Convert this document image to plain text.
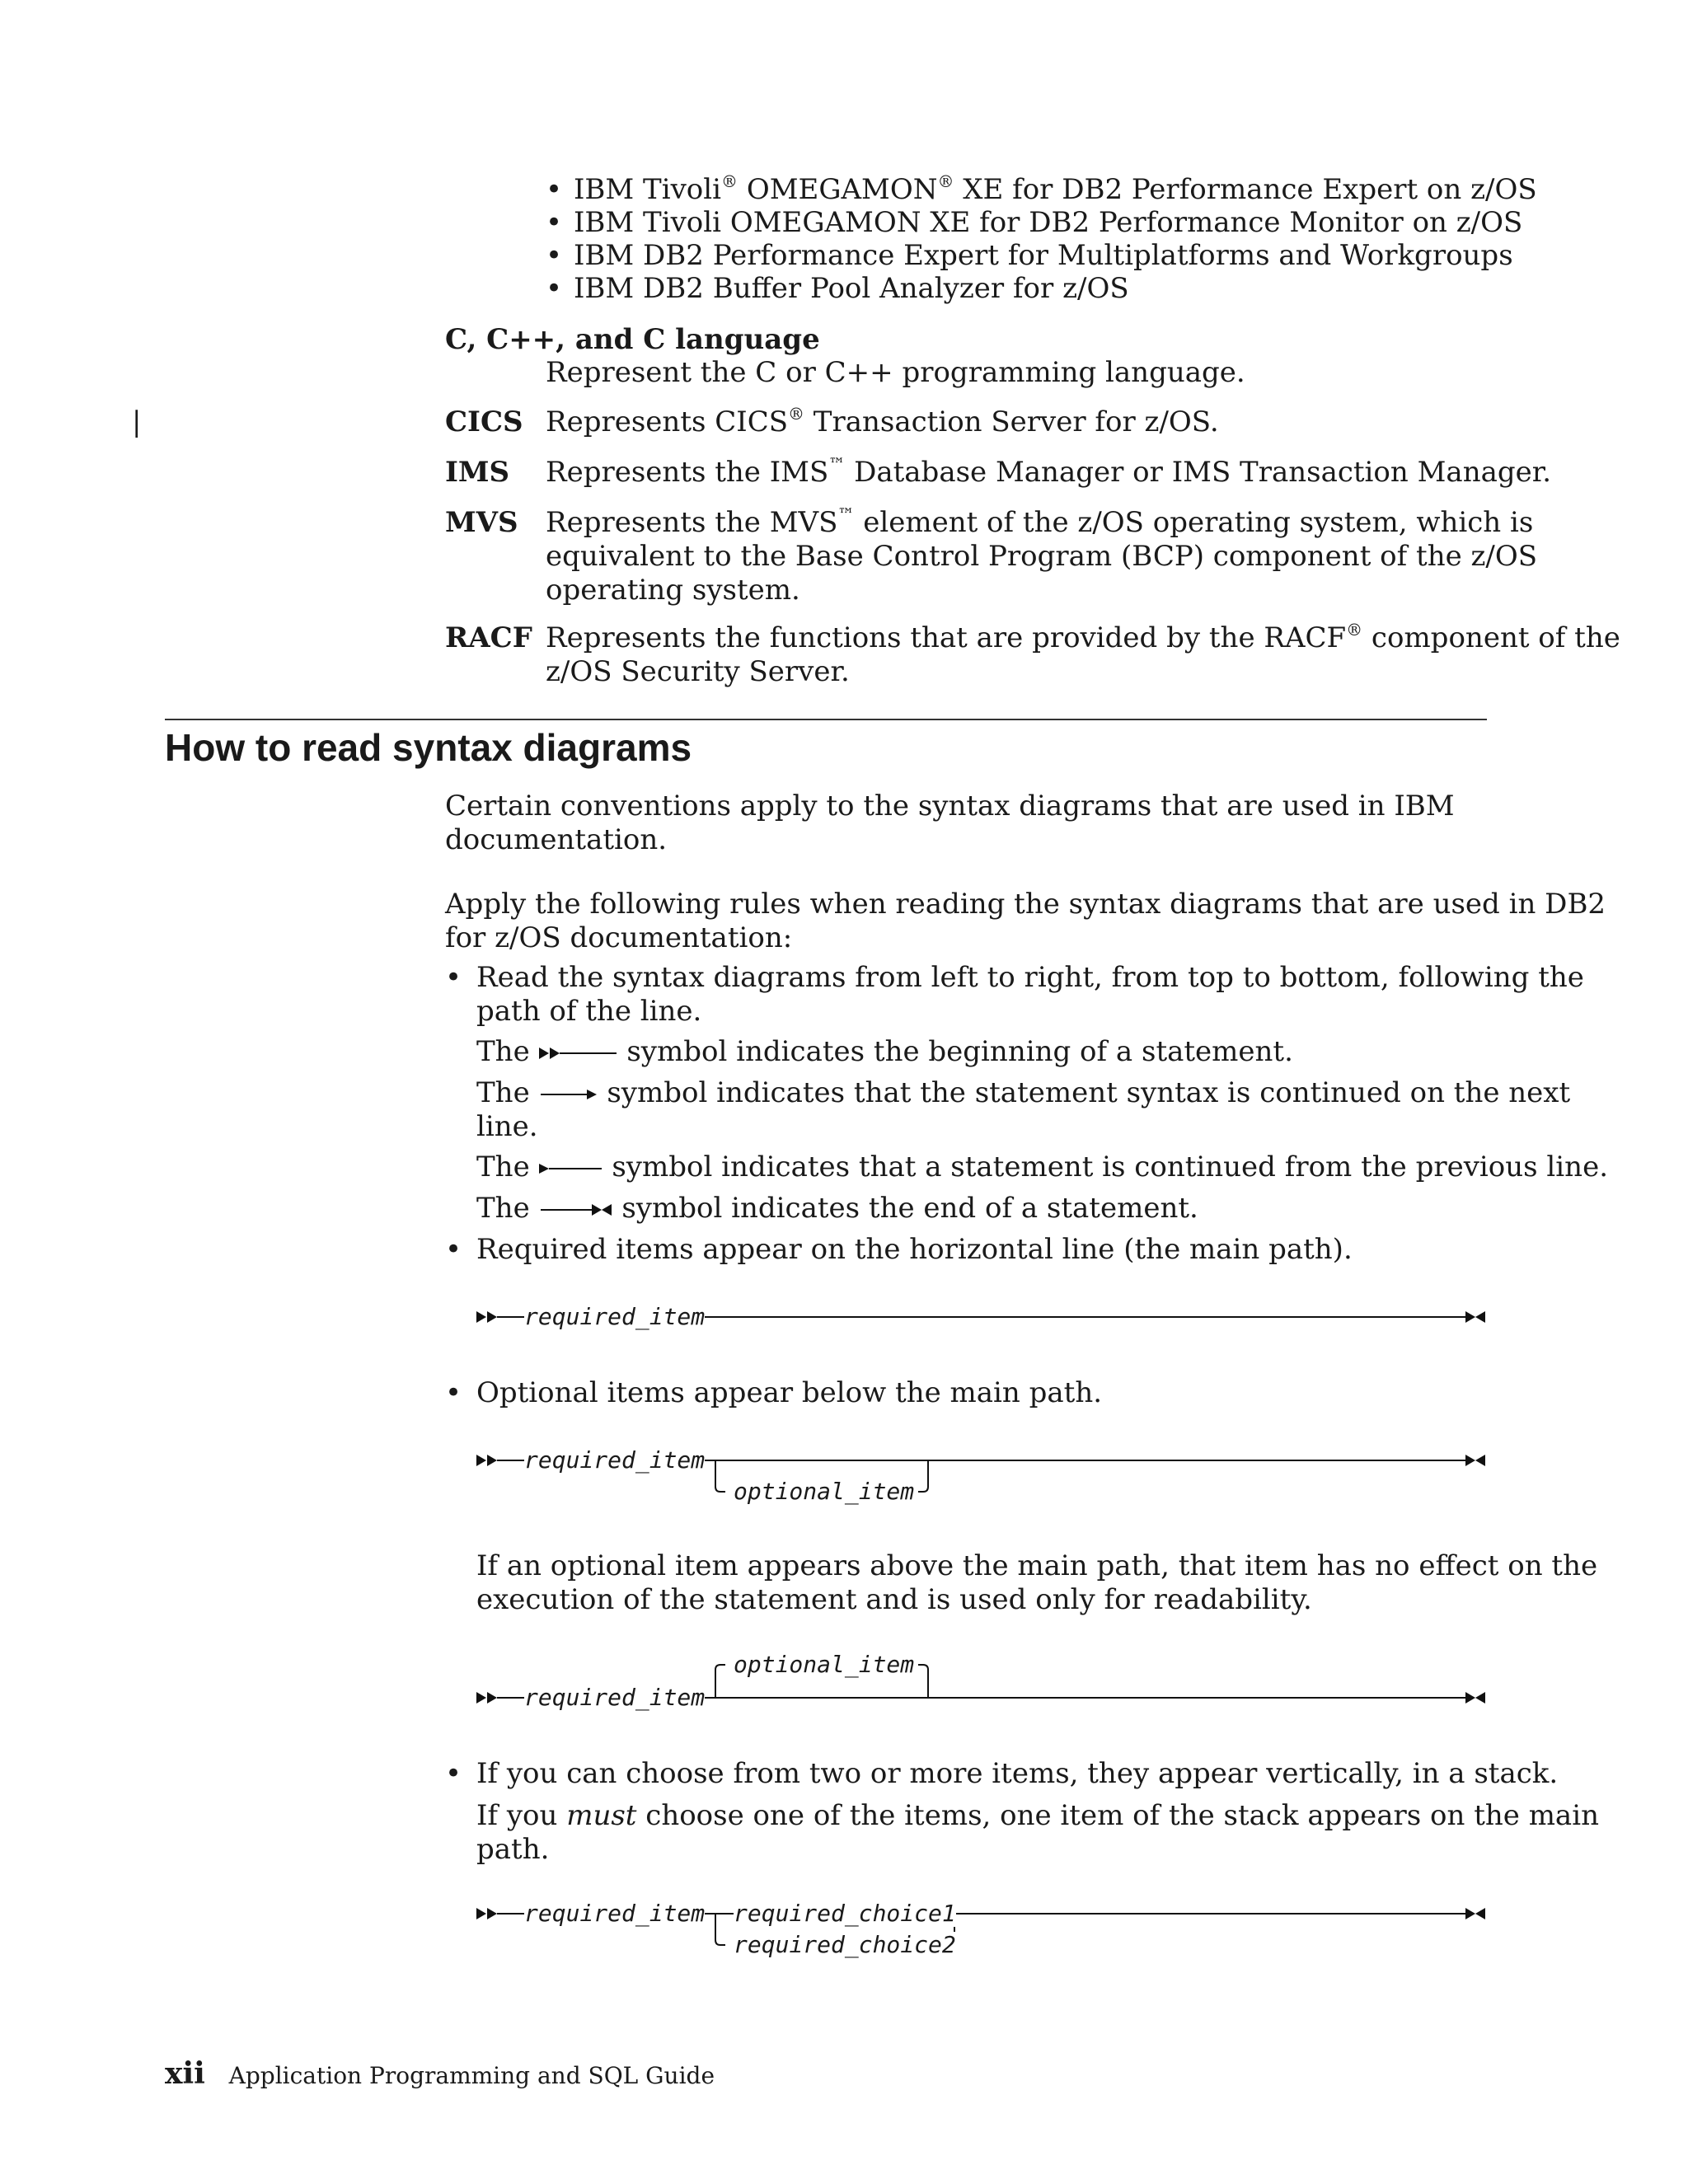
• IBM Tivoli® OMEGAMON® XE for DB2 Performance Expert on z/OS
• IBM Tivoli OMEGAMON XE for DB2 Performance Monitor on z/OS
• IBM DB2 Performance Expert for Multiplatforms and Workgroups
• IBM DB2 Buffer Pool Analyzer for z/OS
C, C++, and C language
Represent the C or C++ programming language.
|	CICS Represents CICS® Transaction Server for z/OS.
IMS Represents the IMS™ Database Manager or IMS Transaction Manager.
MVS Represents the MVS™ element of the z/OS operating system, which is
equivalent to the Base Control Program (BCP) component of the z/OS
operating system.
RACF Represents the functions that are provided by the RACF® component of the
z/OS Security Server.
How to read syntax diagrams
Certain conventions apply to the syntax diagrams that are used in IBM
documentation.
Apply the following rules when reading the syntax diagrams that are used in DB2
for z/OS documentation:
• Read the syntax diagrams from left to right, from top to bottom, following the
path of the line.
The	symbol indicates the beginning of a statement.
The	symbol indicates that the statement syntax is continued on the next
line.
The	symbol indicates that a statement is continued from the previous line.
The	symbol indicates the end of a statement.
• Required items appear on the horizontal line (the main path).
required_item
• Optional items appear below the main path.
required_item
optional_item
If an optional item appears above the main path, that item has no effect on the
execution of the statement and is used only for readability.
optional_item
required_item
• If you can choose from two or more items, they appear vertically, in a stack.
If you must choose one of the items, one item of the stack appears on the main
path.
required_item required_choice1
required_choice2
xii Application Programming and SQL Guide
